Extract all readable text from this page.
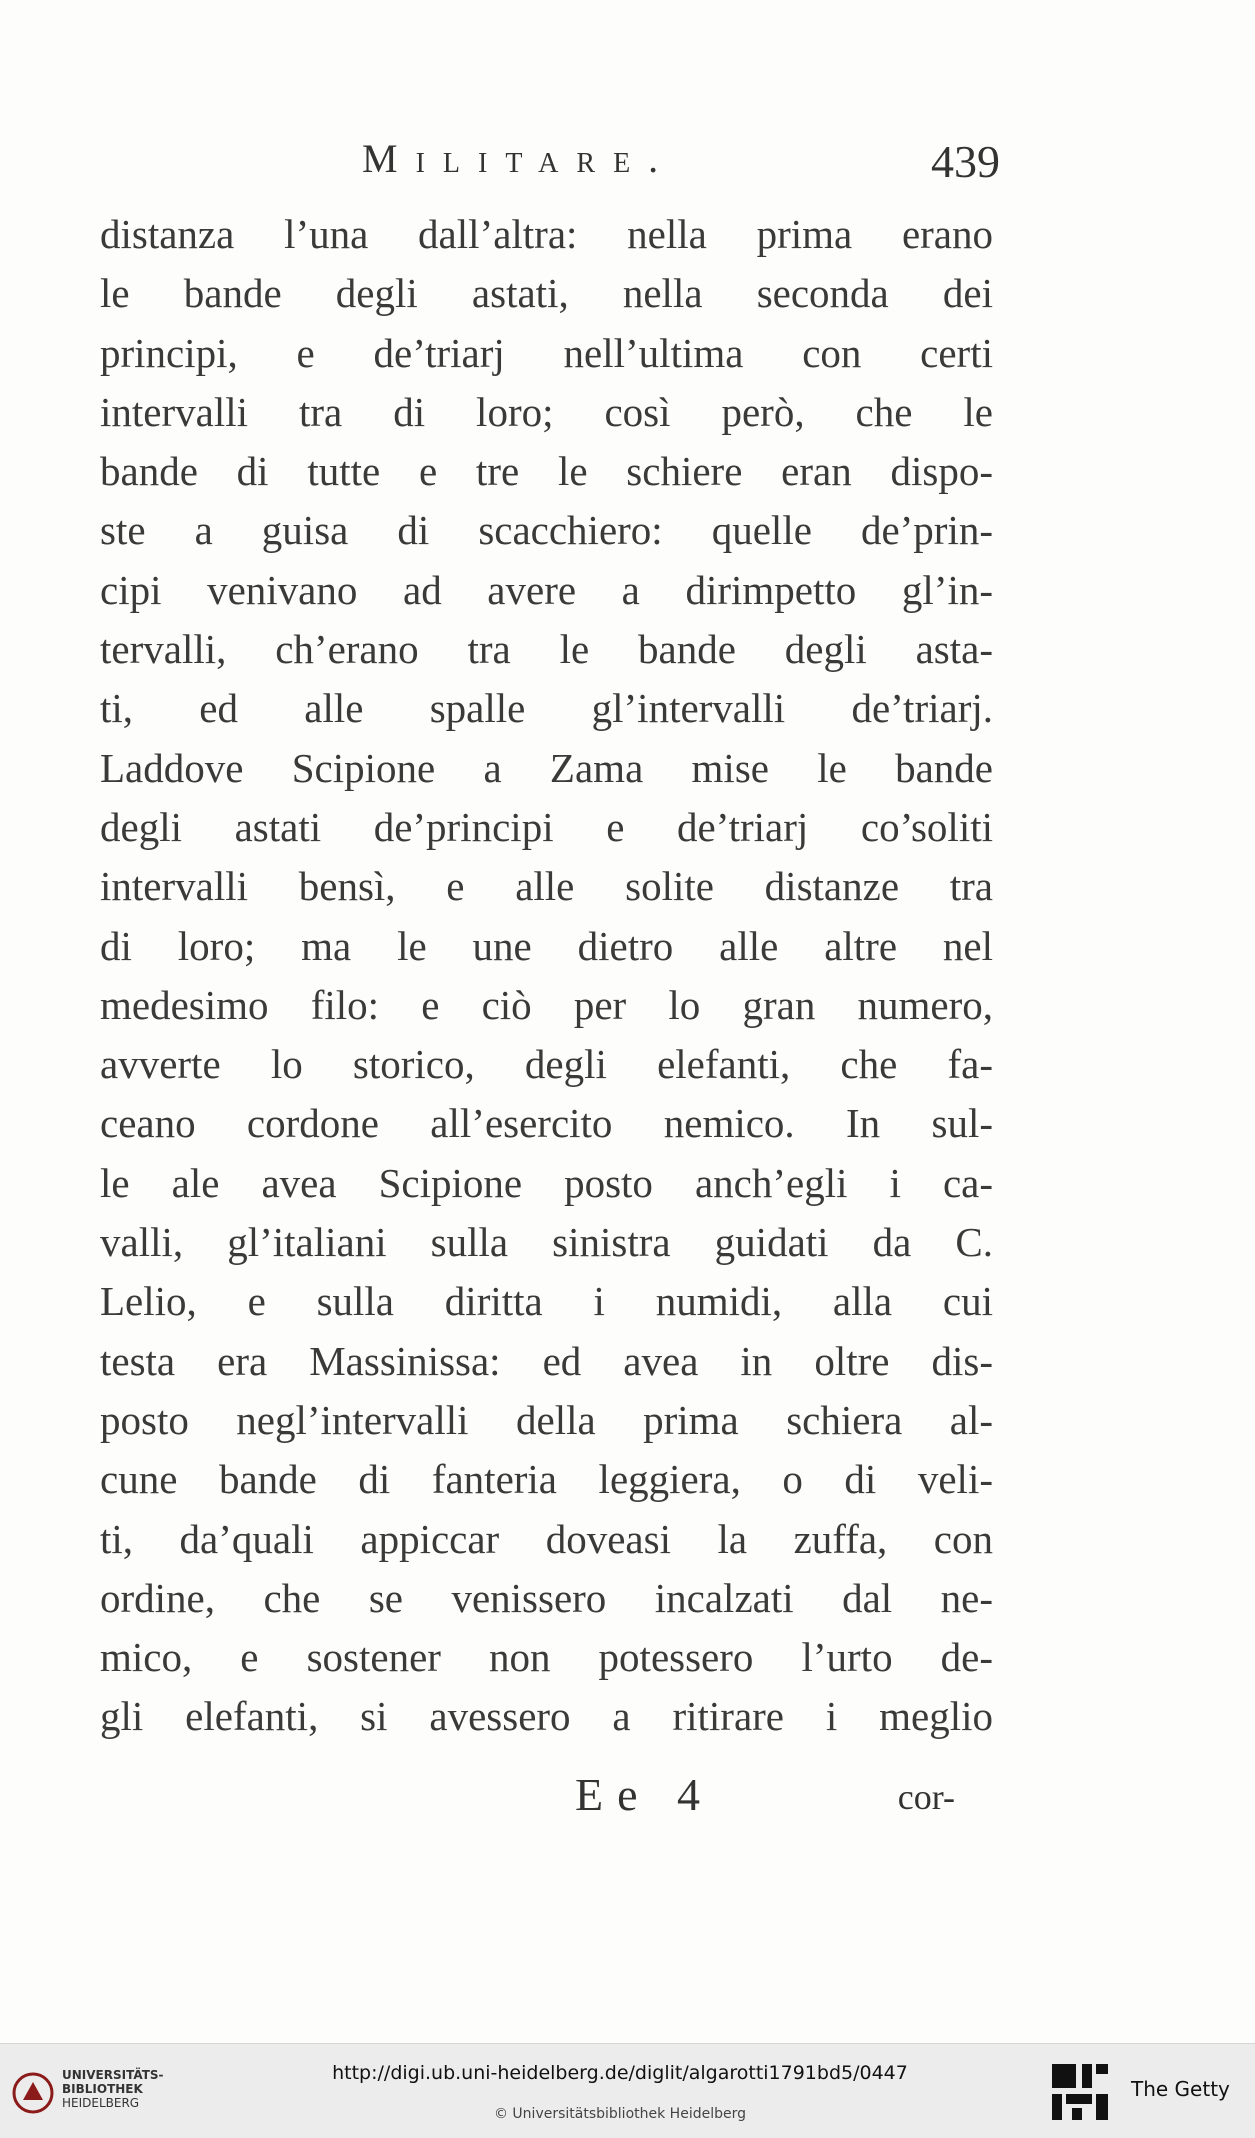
Militare.	439
distanza l’una dall’altra: nella prima erano
le bande degli astati, nella seconda dei
principi, e de’triarj nell’ultima con certi
intervalli tra di loro; così però, che le
bande di tutte e tre le schiere eran dispo-
ste a guisa di scacchiero: quelle de’prin-
cipi venivano ad avere a dirimpetto gl’in-
tervalli, ch’erano tra le bande degli asta-
ti, ed alle spalle gl’intervalli de’triarj.
Laddove Scipione a Zama mise le bande
degli astati de’principi e de’triarj co’soliti
intervalli bensì, e alle solite distanze tra
di loro; ma le une dietro alle altre nel
medesimo filo: e ciò per lo gran numero,
avverte lo storico, degli elefanti, che fa-
ceano cordone all’esercito nemico. In sul-
le ale avea Scipione posto anch’egli i ca-
valli, gl’italiani sulla sinistra guidati da C.
Lelio, e sulla diritta i numidi, alla cui
testa era Massinissa: ed avea in oltre dis-
posto negl’intervalli della prima schiera al-
cune bande di fanteria leggiera, o di veli-
ti, da’quali appiccar doveasi la zuffa, con
ordine, che se venissero incalzati dal ne-
mico, e sostener non potessero l’urto de-
gli elefanti, si avessero a ritirare i meglio
Ee 4	cor-
UNIVERSITÄTS-
BIBLIOTHEK
HEIDELBERG
http://digi.ub.uni-heidelberg.de/diglit/algarotti1791bd5/0447
© Universitätsbibliothek Heidelberg
The Getty
